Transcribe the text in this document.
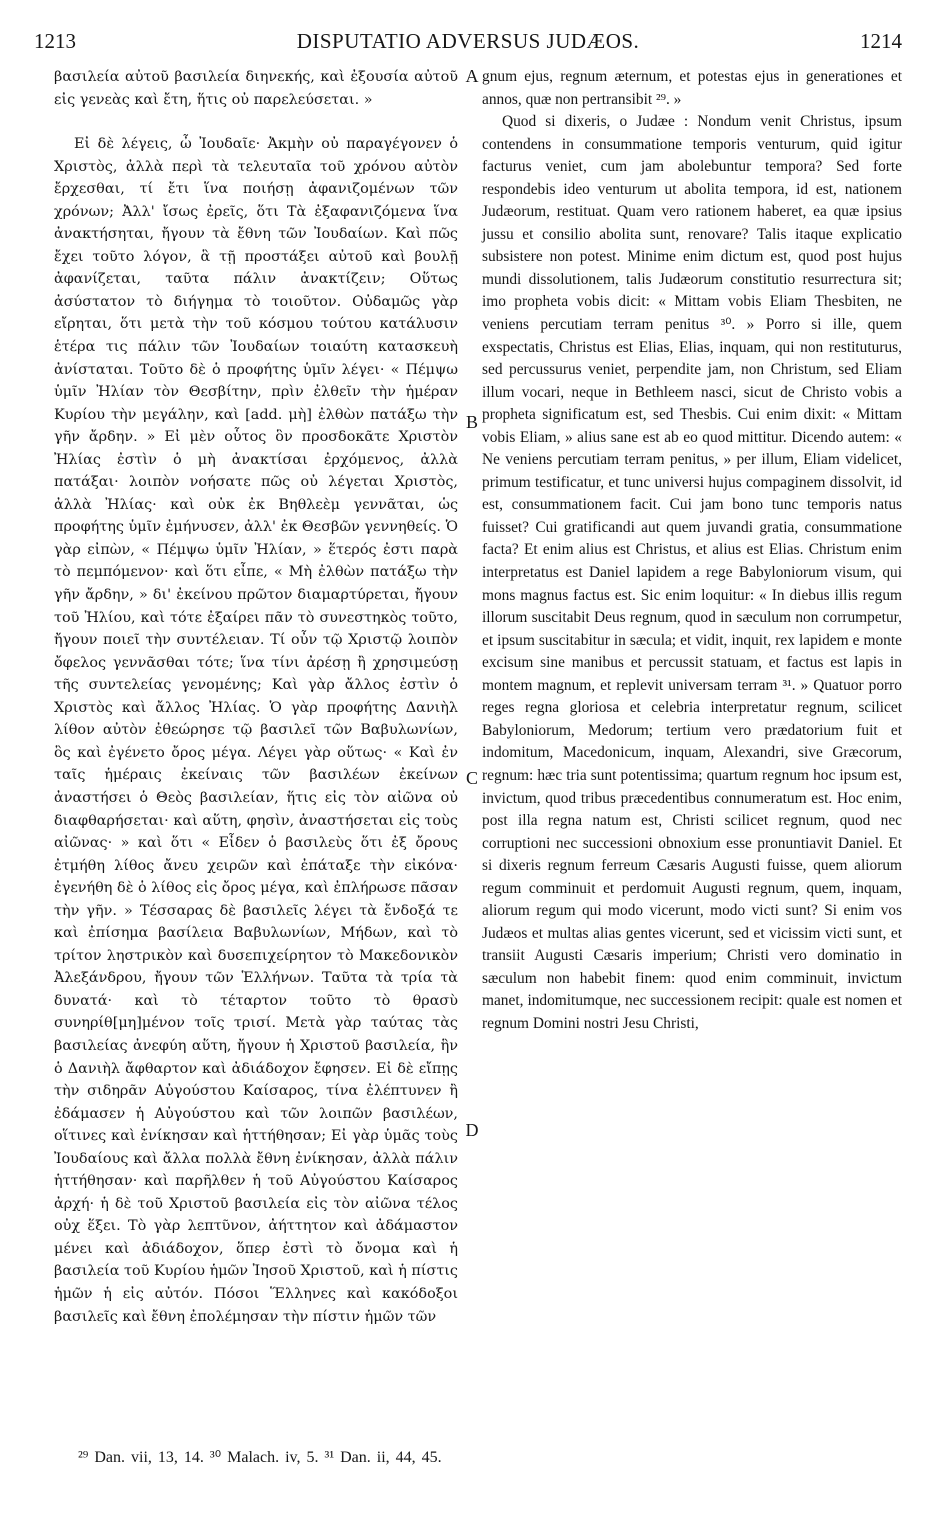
1213	DISPUTATIO ADVERSUS JUDÆOS.	1214

βασιλεία αὐτοῦ βασιλεία διηνεκής, καὶ ἐξουσία αὐτοῦ εἰς γενεὰς καὶ ἔτη, ἥτις οὐ παρελεύσεται. »

Εἰ δὲ λέγεις, ὦ Ἰουδαῖε· Ἀκμὴν οὐ παραγέγονεν ὁ Χριστὸς, ἀλλὰ περὶ τὰ τελευταῖα τοῦ χρόνου αὐτὸν ἔρχεσθαι, τί ἔτι ἵνα ποιήσῃ ἀφανιζομένων τῶν χρόνων; Ἀλλ' ἴσως ἐρεῖς, ὅτι Τὰ ἐξαφανιζόμενα ἵνα ἀνακτήσηται, ἤγουν τὰ ἔθνη τῶν Ἰουδαίων. Καὶ πῶς ἔχει τοῦτο λόγον, ἃ τῇ προστάξει αὐτοῦ καὶ βουλῇ ἀφανίζεται, ταῦτα πάλιν ἀνακτίζειν; Οὕτως ἀσύστατον τὸ διήγημα τὸ τοιοῦτον. Οὐδαμῶς γὰρ εἴρηται, ὅτι μετὰ τὴν τοῦ κόσμου τούτου κατάλυσιν ἑτέρα τις πάλιν τῶν Ἰουδαίων τοιαύτη κατασκευὴ ἀνίσταται. Τοῦτο δὲ ὁ προφήτης ὑμῖν λέγει· « Πέμψω ὑμῖν Ἠλίαν τὸν Θεσβίτην, πρὶν ἐλθεῖν τὴν ἡμέραν Κυρίου τὴν μεγάλην, καὶ [add. μὴ] ἐλθὼν πατάξω τὴν γῆν ἄρδην. » Εἰ μὲν οὗτος ὃν προσδοκᾶτε Χριστὸν Ἠλίας ἐστὶν ὁ μὴ ἀνακτίσαι ἐρχόμενος, ἀλλὰ πατάξαι· λοιπὸν νοήσατε πῶς οὐ λέγεται Χριστὸς, ἀλλὰ Ἠλίας· καὶ οὐκ ἐκ Βηθλεὲμ γεννᾶται, ὡς προφήτης ὑμῖν ἐμήνυσεν, ἀλλ' ἐκ Θεσβῶν γεννηθείς. Ὁ γὰρ εἰπὼν, « Πέμψω ὑμῖν Ἠλίαν, » ἕτερός ἐστι παρὰ τὸ πεμπόμενον· καὶ ὅτι εἶπε, « Μὴ ἐλθὼν πατάξω τὴν γῆν ἄρδην, » δι' ἐκείνου πρῶτον διαμαρτύρεται, ἤγουν τοῦ Ἠλίου, καὶ τότε ἐξαίρει πᾶν τὸ συνεστηκὸς τοῦτο, ἤγουν ποιεῖ τὴν συντέλειαν. Τί οὖν τῷ Χριστῷ λοιπὸν ὄφελος γεννᾶσθαι τότε; ἵνα τίνι ἀρέσῃ ἢ χρησιμεύσῃ τῆς συντελείας γενομένης; Καὶ γὰρ ἄλλος ἐστὶν ὁ Χριστὸς καὶ ἄλλος Ἠλίας. Ὁ γὰρ προφήτης Δανιὴλ λίθον αὐτὸν ἐθεώρησε τῷ βασιλεῖ τῶν Βαβυλωνίων, ὃς καὶ ἐγένετο ὄρος μέγα. Λέγει γὰρ οὕτως· « Καὶ ἐν ταῖς ἡμέραις ἐκείναις τῶν βασιλέων ἐκείνων ἀναστήσει ὁ Θεὸς βασιλείαν, ἥτις εἰς τὸν αἰῶνα οὐ διαφθαρήσεται· καὶ αὕτη, φησὶν, ἀναστήσεται εἰς τοὺς αἰῶνας· » καὶ ὅτι « Εἶδεν ὁ βασιλεὺς ὅτι ἐξ ὄρους ἐτμήθη λίθος ἄνευ χειρῶν καὶ ἐπάταξε τὴν εἰκόνα· ἐγενήθη δὲ ὁ λίθος εἰς ὄρος μέγα, καὶ ἐπλήρωσε πᾶσαν τὴν γῆν. » Τέσσαρας δὲ βασιλεῖς λέγει τὰ ἔνδοξά τε καὶ ἐπίσημα βασίλεια Βαβυλωνίων, Μήδων, καὶ τὸ τρίτον ληστρικὸν καὶ δυσεπιχείρητον τὸ Μακεδονικὸν Ἀλεξάνδρου, ἤγουν τῶν Ἑλλήνων. Ταῦτα τὰ τρία τὰ δυνατά· καὶ τὸ τέταρτον τοῦτο τὸ θρασὺ συνηρίθ[μη]μένον τοῖς τρισί. Μετὰ γὰρ ταύτας τὰς βασιλείας ἀνεφύη αὕτη, ἤγουν ἡ Χριστοῦ βασιλεία, ἣν ὁ Δανιὴλ ἄφθαρτον καὶ ἀδιάδοχον ἔφησεν. Εἰ δὲ εἴπῃς τὴν σιδηρᾶν Αὐγούστου Καίσαρος, τίνα ἐλέπτυνεν ἢ ἐδάμασεν ἡ Αὐγούστου καὶ τῶν λοιπῶν βασιλέων, οἵτινες καὶ ἐνίκησαν καὶ ἡττήθησαν; Εἰ γὰρ ὑμᾶς τοὺς Ἰουδαίους καὶ ἄλλα πολλὰ ἔθνη ἐνίκησαν, ἀλλὰ πάλιν ἡττήθησαν· καὶ παρῆλθεν ἡ τοῦ Αὐγούστου Καίσαρος ἀρχή· ἡ δὲ τοῦ Χριστοῦ βασιλεία εἰς τὸν αἰῶνα τέλος οὐχ ἕξει. Τὸ γὰρ λεπτῦνον, ἀήττητον καὶ ἀδάμαστον μένει καὶ ἀδιάδοχον, ὅπερ ἐστὶ τὸ ὄνομα καὶ ἡ βασιλεία τοῦ Κυρίου ἡμῶν Ἰησοῦ Χριστοῦ, καὶ ἡ πίστις ἡμῶν ἡ εἰς αὐτόν. Πόσοι Ἕλληνες καὶ κακόδοξοι βασιλεῖς καὶ ἔθνη ἐπολέμησαν τὴν πίστιν ἡμῶν τῶν

A
B
C
D

gnum ejus, regnum æternum, et potestas ejus in generationes et annos, quæ non pertransibit ²⁹. »

Quod si dixeris, o Judæe : Nondum venit Christus, ipsum contendens in consummatione temporis venturum, quid igitur facturus veniet, cum jam abolebuntur tempora? Sed forte respondebis ideo venturum ut abolita tempora, id est, nationem Judæorum, restituat. Quam vero rationem haberet, ea quæ ipsius jussu et consilio abolita sunt, renovare? Talis itaque explicatio subsistere non potest. Minime enim dictum est, quod post hujus mundi dissolutionem, talis Judæorum constitutio resurrectura sit; imo propheta vobis dicit: « Mittam vobis Eliam Thesbiten, ne veniens percutiam terram penitus ³⁰. » Porro si ille, quem exspectatis, Christus est Elias, Elias, inquam, qui non restituturus, sed percussurus veniet, perpendite jam, non Christum, sed Eliam illum vocari, neque in Bethleem nasci, sicut de Christo vobis a propheta significatum est, sed Thesbis. Cui enim dixit: « Mittam vobis Eliam, » alius sane est ab eo quod mittitur. Dicendo autem: « Ne veniens percutiam terram penitus, » per illum, Eliam videlicet, primum testificatur, et tunc universi hujus compaginem dissolvit, id est, consummationem facit. Cui jam bono tunc temporis natus fuisset? Cui gratificandi aut quem juvandi gratia, consummatione facta? Et enim alius est Christus, et alius est Elias. Christum enim interpretatus est Daniel lapidem a rege Babyloniorum visum, qui mons magnus factus est. Sic enim loquitur: « In diebus illis regum illorum suscitabit Deus regnum, quod in sæculum non corrumpetur, et ipsum suscitabitur in sæcula; et vidit, inquit, rex lapidem e monte excisum sine manibus et percussit statuam, et factus est lapis in montem magnum, et replevit universam terram ³¹. » Quatuor porro reges regna gloriosa et celebria interpretatur regnum, scilicet Babyloniorum, Medorum; tertium vero prædatorium fuit et indomitum, Macedonicum, inquam, Alexandri, sive Græcorum, regnum: hæc tria sunt potentissima; quartum regnum hoc ipsum est, invictum, quod tribus præcedentibus connumeratum est. Hoc enim, post illa regna natum est, Christi scilicet regnum, quod nec corruptioni nec successioni obnoxium esse pronuntiavit Daniel. Et si dixeris regnum ferreum Cæsaris Augusti fuisse, quem aliorum regum comminuit et perdomuit Augusti regnum, quem, inquam, aliorum regum qui modo vicerunt, modo victi sunt? Si enim vos Judæos et multas alias gentes vicerunt, sed et vicissim victi sunt, et transiit Augusti Cæsaris imperium; Christi vero dominatio in sæculum non habebit finem: quod enim comminuit, invictum manet, indomitumque, nec successionem recipit: quale est nomen et regnum Domini nostri Jesu Christi,

²⁹ Dan. vii, 13, 14. ³⁰ Malach. iv, 5. ³¹ Dan. ii, 44, 45.
